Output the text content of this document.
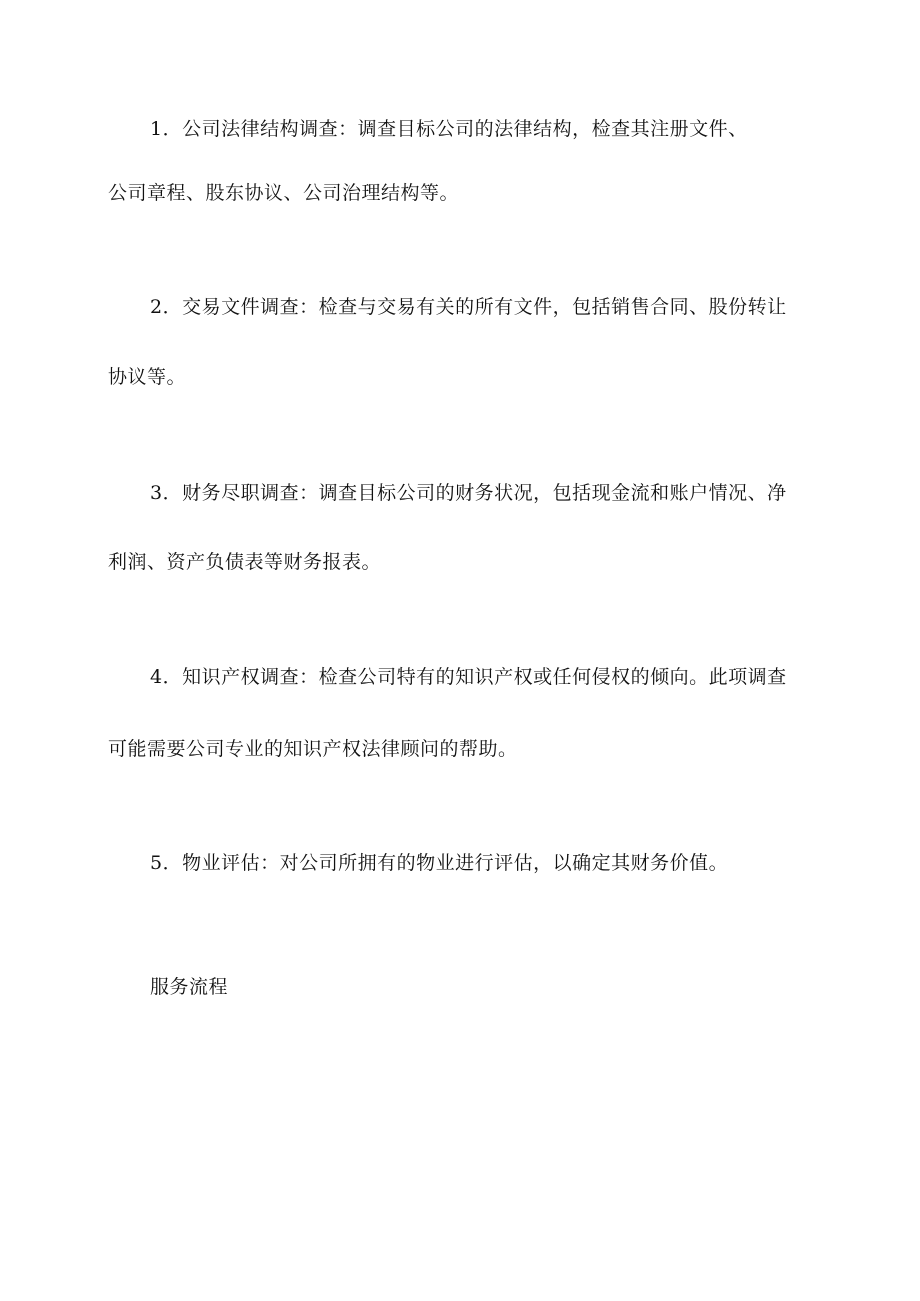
1．公司法律结构调查：调查目标公司的法律结构，检查其注册文件、
公司章程、股东协议、公司治理结构等。
2．交易文件调查：检查与交易有关的所有文件，包括销售合同、股份转让
协议等。
3．财务尽职调查：调查目标公司的财务状况，包括现金流和账户情况、净
利润、资产负债表等财务报表。
4．知识产权调查：检查公司特有的知识产权或任何侵权的倾向。此项调查
可能需要公司专业的知识产权法律顾问的帮助。
5．物业评估：对公司所拥有的物业进行评估，以确定其财务价值。
服务流程
